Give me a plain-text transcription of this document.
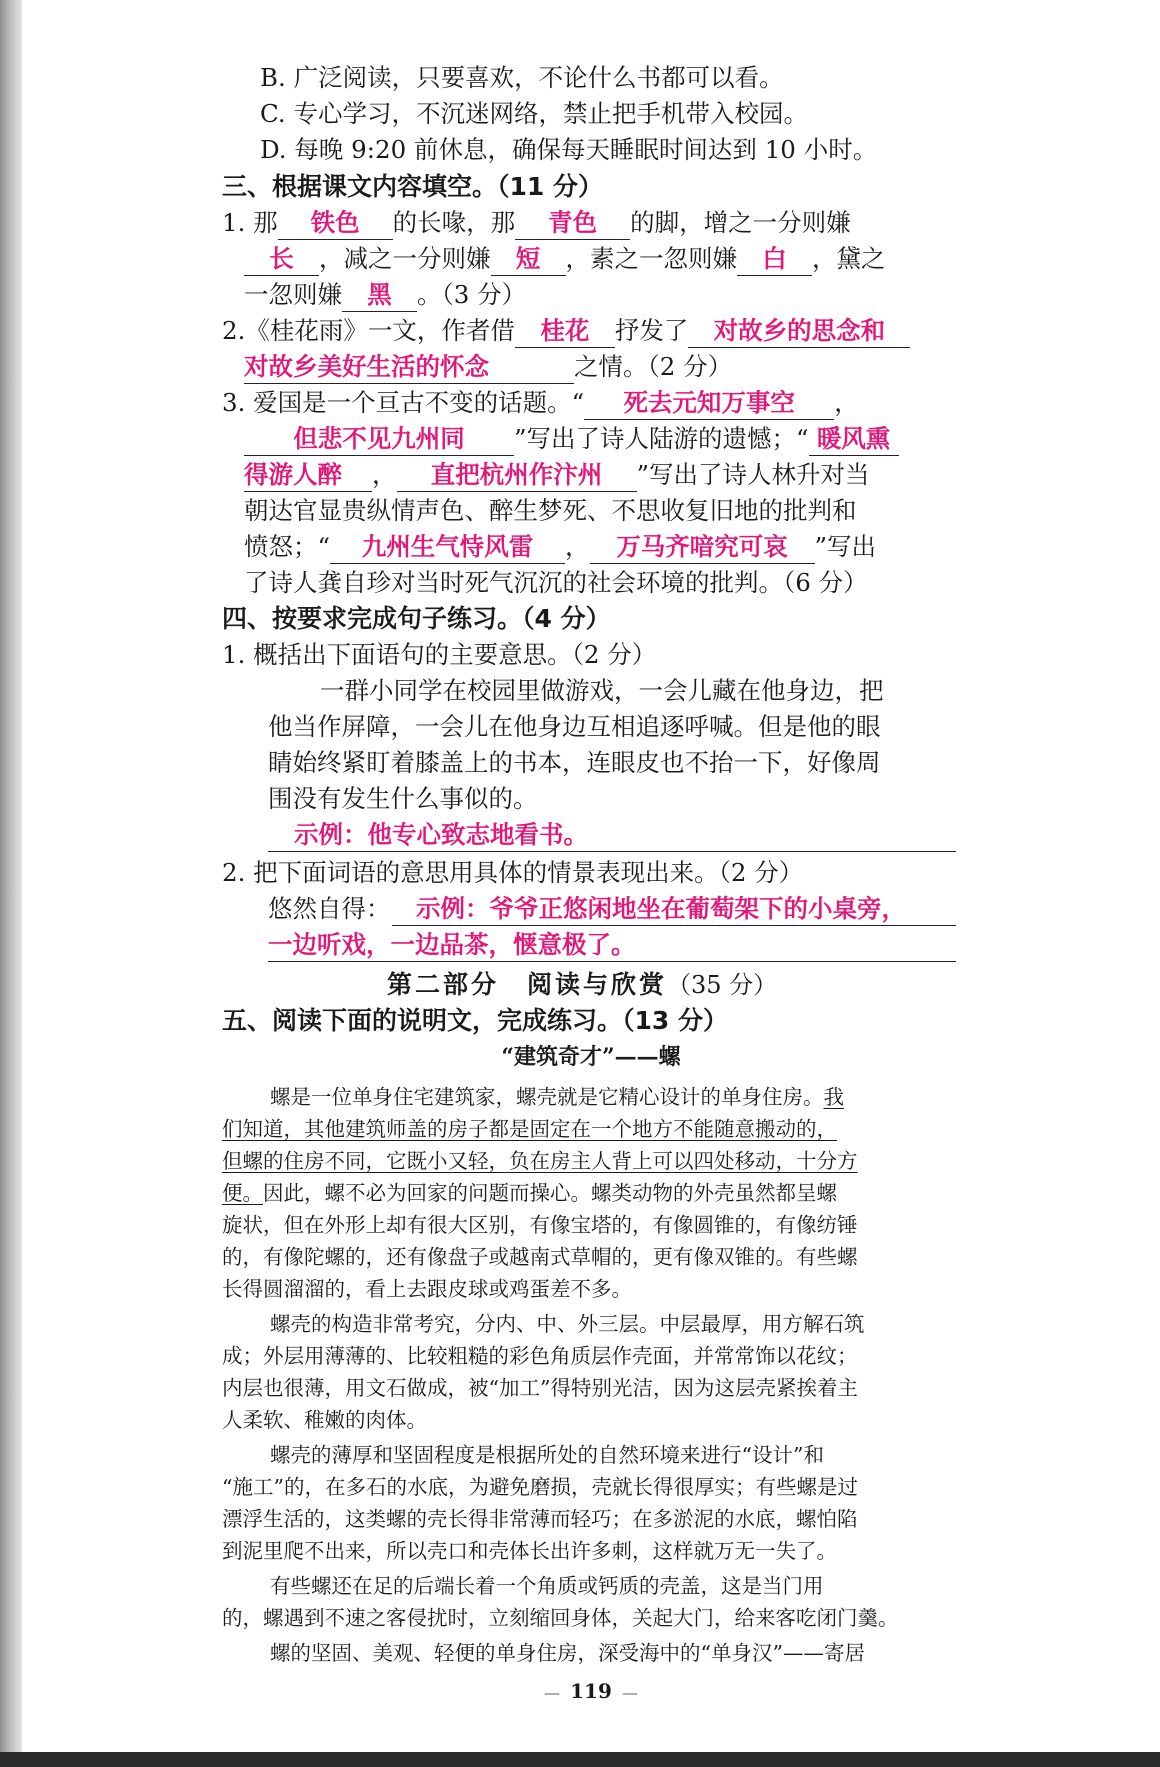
B. 广泛阅读，只要喜欢，不论什么书都可以看。
C. 专心学习，不沉迷网络，禁止把手机带入校园。
D. 每晚 9:20 前休息，确保每天睡眠时间达到 10 小时。
三、根据课文内容填空。（11 分）
1. 那 铁色 的长喙，那 青色 的脚，增之一分则嫌
长 ，减之一分则嫌 短 ，素之一忽则嫌 白 ，黛之
一忽则嫌 黑 。（3 分）
2.《桂花雨》一文，作者借 桂花 抒发了 对故乡的思念和
对故乡美好生活的怀念	之情。（2 分）
3. 爱国是一个亘古不变的话题。“ 死去元知万事空 ，
但悲不见九州同 ”写出了诗人陆游的遗憾；“ 暖风熏
得游人醉 ， 直把杭州作汴州 ”写出了诗人林升对当
朝达官显贵纵情声色、醉生梦死、不思收复旧地的批判和
愤怒；“ 九州生气恃风雷 ， 万马齐喑究可哀 ”写出
了诗人龚自珍对当时死气沉沉的社会环境的批判。（6 分）
四、按要求完成句子练习。（4 分）
1. 概括出下面语句的主要意思。（2 分）
一群小同学在校园里做游戏，一会儿藏在他身边，把
他当作屏障，一会儿在他身边互相追逐呼喊。但是他的眼
睛始终紧盯着膝盖上的书本，连眼皮也不抬一下，好像周
围没有发生什么事似的。
示例：他专心致志地看书。
2. 把下面词语的意思用具体的情景表现出来。（2 分）
悠然自得： 示例：爷爷正悠闲地坐在葡萄架下的小桌旁，
一边听戏，一边品茶，惬意极了。
第二部分　阅读与欣赏（35 分）
五、阅读下面的说明文，完成练习。（13 分）
“建筑奇才”——螺
螺是一位单身住宅建筑家，螺壳就是它精心设计的单身住房。我
们知道，其他建筑师盖的房子都是固定在一个地方不能随意搬动的，
但螺的住房不同，它既小又轻，负在房主人背上可以四处移动，十分方
便。因此，螺不必为回家的问题而操心。螺类动物的外壳虽然都呈螺
旋状，但在外形上却有很大区别，有像宝塔的，有像圆锥的，有像纺锤
的，有像陀螺的，还有像盘子或越南式草帽的，更有像双锥的。有些螺
长得圆溜溜的，看上去跟皮球或鸡蛋差不多。
螺壳的构造非常考究，分内、中、外三层。中层最厚，用方解石筑
成；外层用薄薄的、比较粗糙的彩色角质层作壳面，并常常饰以花纹；
内层也很薄，用文石做成，被“加工”得特别光洁，因为这层壳紧挨着主
人柔软、稚嫩的肉体。
螺壳的薄厚和坚固程度是根据所处的自然环境来进行“设计”和
“施工”的，在多石的水底，为避免磨损，壳就长得很厚实；有些螺是过
漂浮生活的，这类螺的壳长得非常薄而轻巧；在多淤泥的水底，螺怕陷
到泥里爬不出来，所以壳口和壳体长出许多刺，这样就万无一失了。
有些螺还在足的后端长着一个角质或钙质的壳盖，这是当门用
的，螺遇到不速之客侵扰时，立刻缩回身体，关起大门，给来客吃闭门羹。
螺的坚固、美观、轻便的单身住房，深受海中的“单身汉”——寄居
—  119  —
